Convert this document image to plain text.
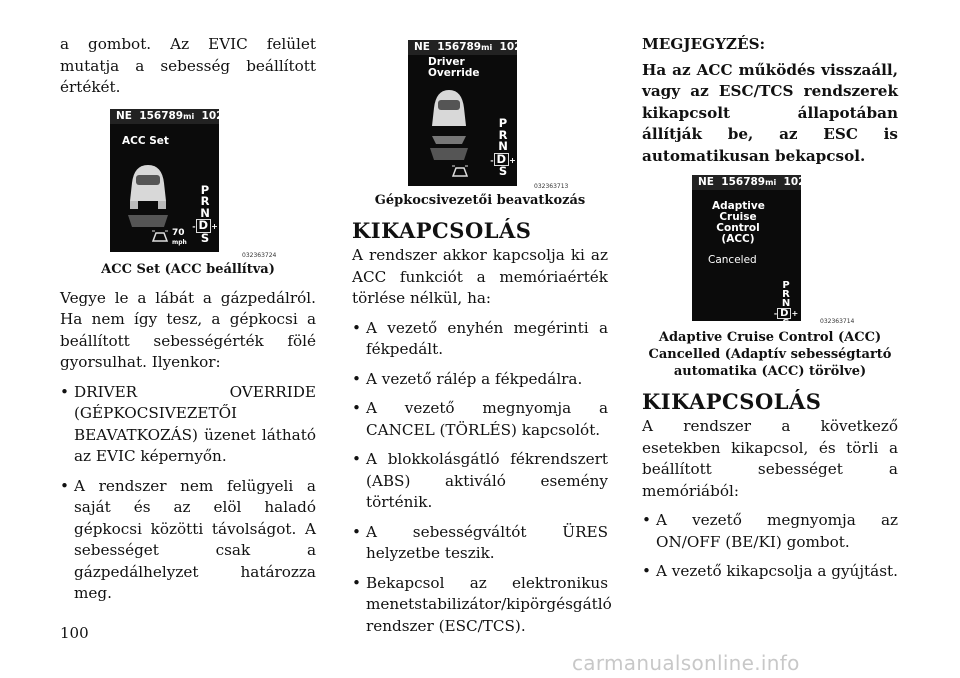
a gombot. Az EVIC felület mutatja a sebesség beállított értékét.

NE 156789mi 102°
ACC Set
70
mph
P
R
N
- D +
S
032363724
ACC Set (ACC beállítva)

Vegye le a lábát a gázpedálról. Ha nem így tesz, a gépkocsi a beállított sebességérték fölé gyorsulhat. Ilyenkor:

• DRIVER OVERRIDE (GÉPKOCSIVEZETŐI BEAVATKOZÁS) üzenet látható az EVIC képernyőn.
• A rendszer nem felügyeli a saját és az elöl haladó gépkocsi közötti távolságot. A sebességet csak a gázpedálhelyzet határozza meg.
NE 156789mi 102°
Driver
Override
P
R
N
- D +
S
032363713
Gépkocsivezetői beavatkozás
KIKAPCSOLÁS

A rendszer akkor kapcsolja ki az ACC funkciót a memóriaérték törlése nélkül, ha:

• A vezető enyhén megérinti a fékpedált.
• A vezető rálép a fékpedálra.
• A vezető megnyomja a CANCEL (TÖRLÉS) kapcsolót.
• A blokkolásgátló fékrendszert (ABS) aktiváló esemény történik.
• A sebességváltót ÜRES helyzetbe teszik.
• Bekapcsol az elektronikus menetstabilizátor/kipörgésgátló rendszer (ESC/TCS).
MEGJEGYZÉS:
Ha az ACC működés visszaáll, vagy az ESC/TCS rendszerek kikapcsolt állapotában állítják be, az ESC is automatikusan bekapcsol.
NE 156789mi 102°
Adaptive
Cruise
Control
(ACC)
Canceled
P
R
N
- D +
S	032363714
Adaptive Cruise Control (ACC) Cancelled (Adaptív sebességtartó automatika (ACC) törölve)
KIKAPCSOLÁS

A rendszer a következő esetekben kikapcsol, és törli a beállított sebességet a memóriából:

• A vezető megnyomja az ON/OFF (BE/KI) gombot.
• A vezető kikapcsolja a gyújtást.
100
carmanualsonline.info
